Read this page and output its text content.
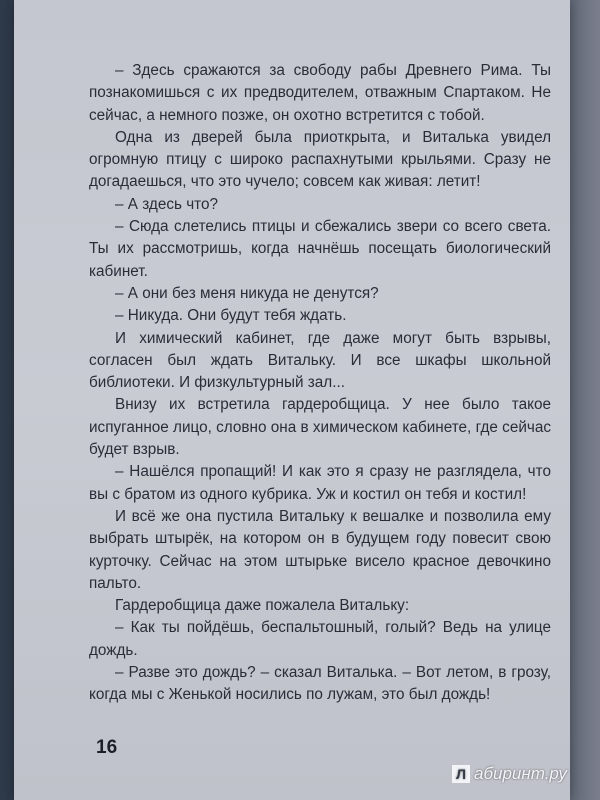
– Здесь сражаются за свободу рабы Древнего Рима. Ты познакомишься с их предводителем, отважным Спартаком. Не сейчас, а немного позже, он охотно встретится с тобой.

Одна из дверей была приоткрыта, и Виталька увидел огромную птицу с широко распахнутыми крыльями. Сразу не догадаешься, что это чучело; совсем как живая: летит!

– А здесь что?

– Сюда слетелись птицы и сбежались звери со всего света. Ты их рассмотришь, когда начнёшь посещать биологический кабинет.

– А они без меня никуда не денутся?

– Никуда. Они будут тебя ждать.

И химический кабинет, где даже могут быть взрывы, согласен был ждать Витальку. И все шкафы школьной библиотеки. И физкультурный зал...

Внизу их встретила гардеробщица. У нее было такое испуганное лицо, словно она в химическом кабинете, где сейчас будет взрыв.

– Нашёлся пропащий! И как это я сразу не разглядела, что вы с братом из одного кубрика. Уж и костил он тебя и костил!

И всё же она пустила Витальку к вешалке и позволила ему выбрать штырёк, на котором он в будущем году повесит свою курточку. Сейчас на этом штырьке висело красное девочкино пальто.

Гардеробщица даже пожалела Витальку:

– Как ты пойдёшь, беспальтошный, голый? Ведь на улице дождь.

– Разве это дождь? – сказал Виталька. – Вот летом, в грозу, когда мы с Женькой носились по лужам, это был дождь!

16
Л абиринт.ру
